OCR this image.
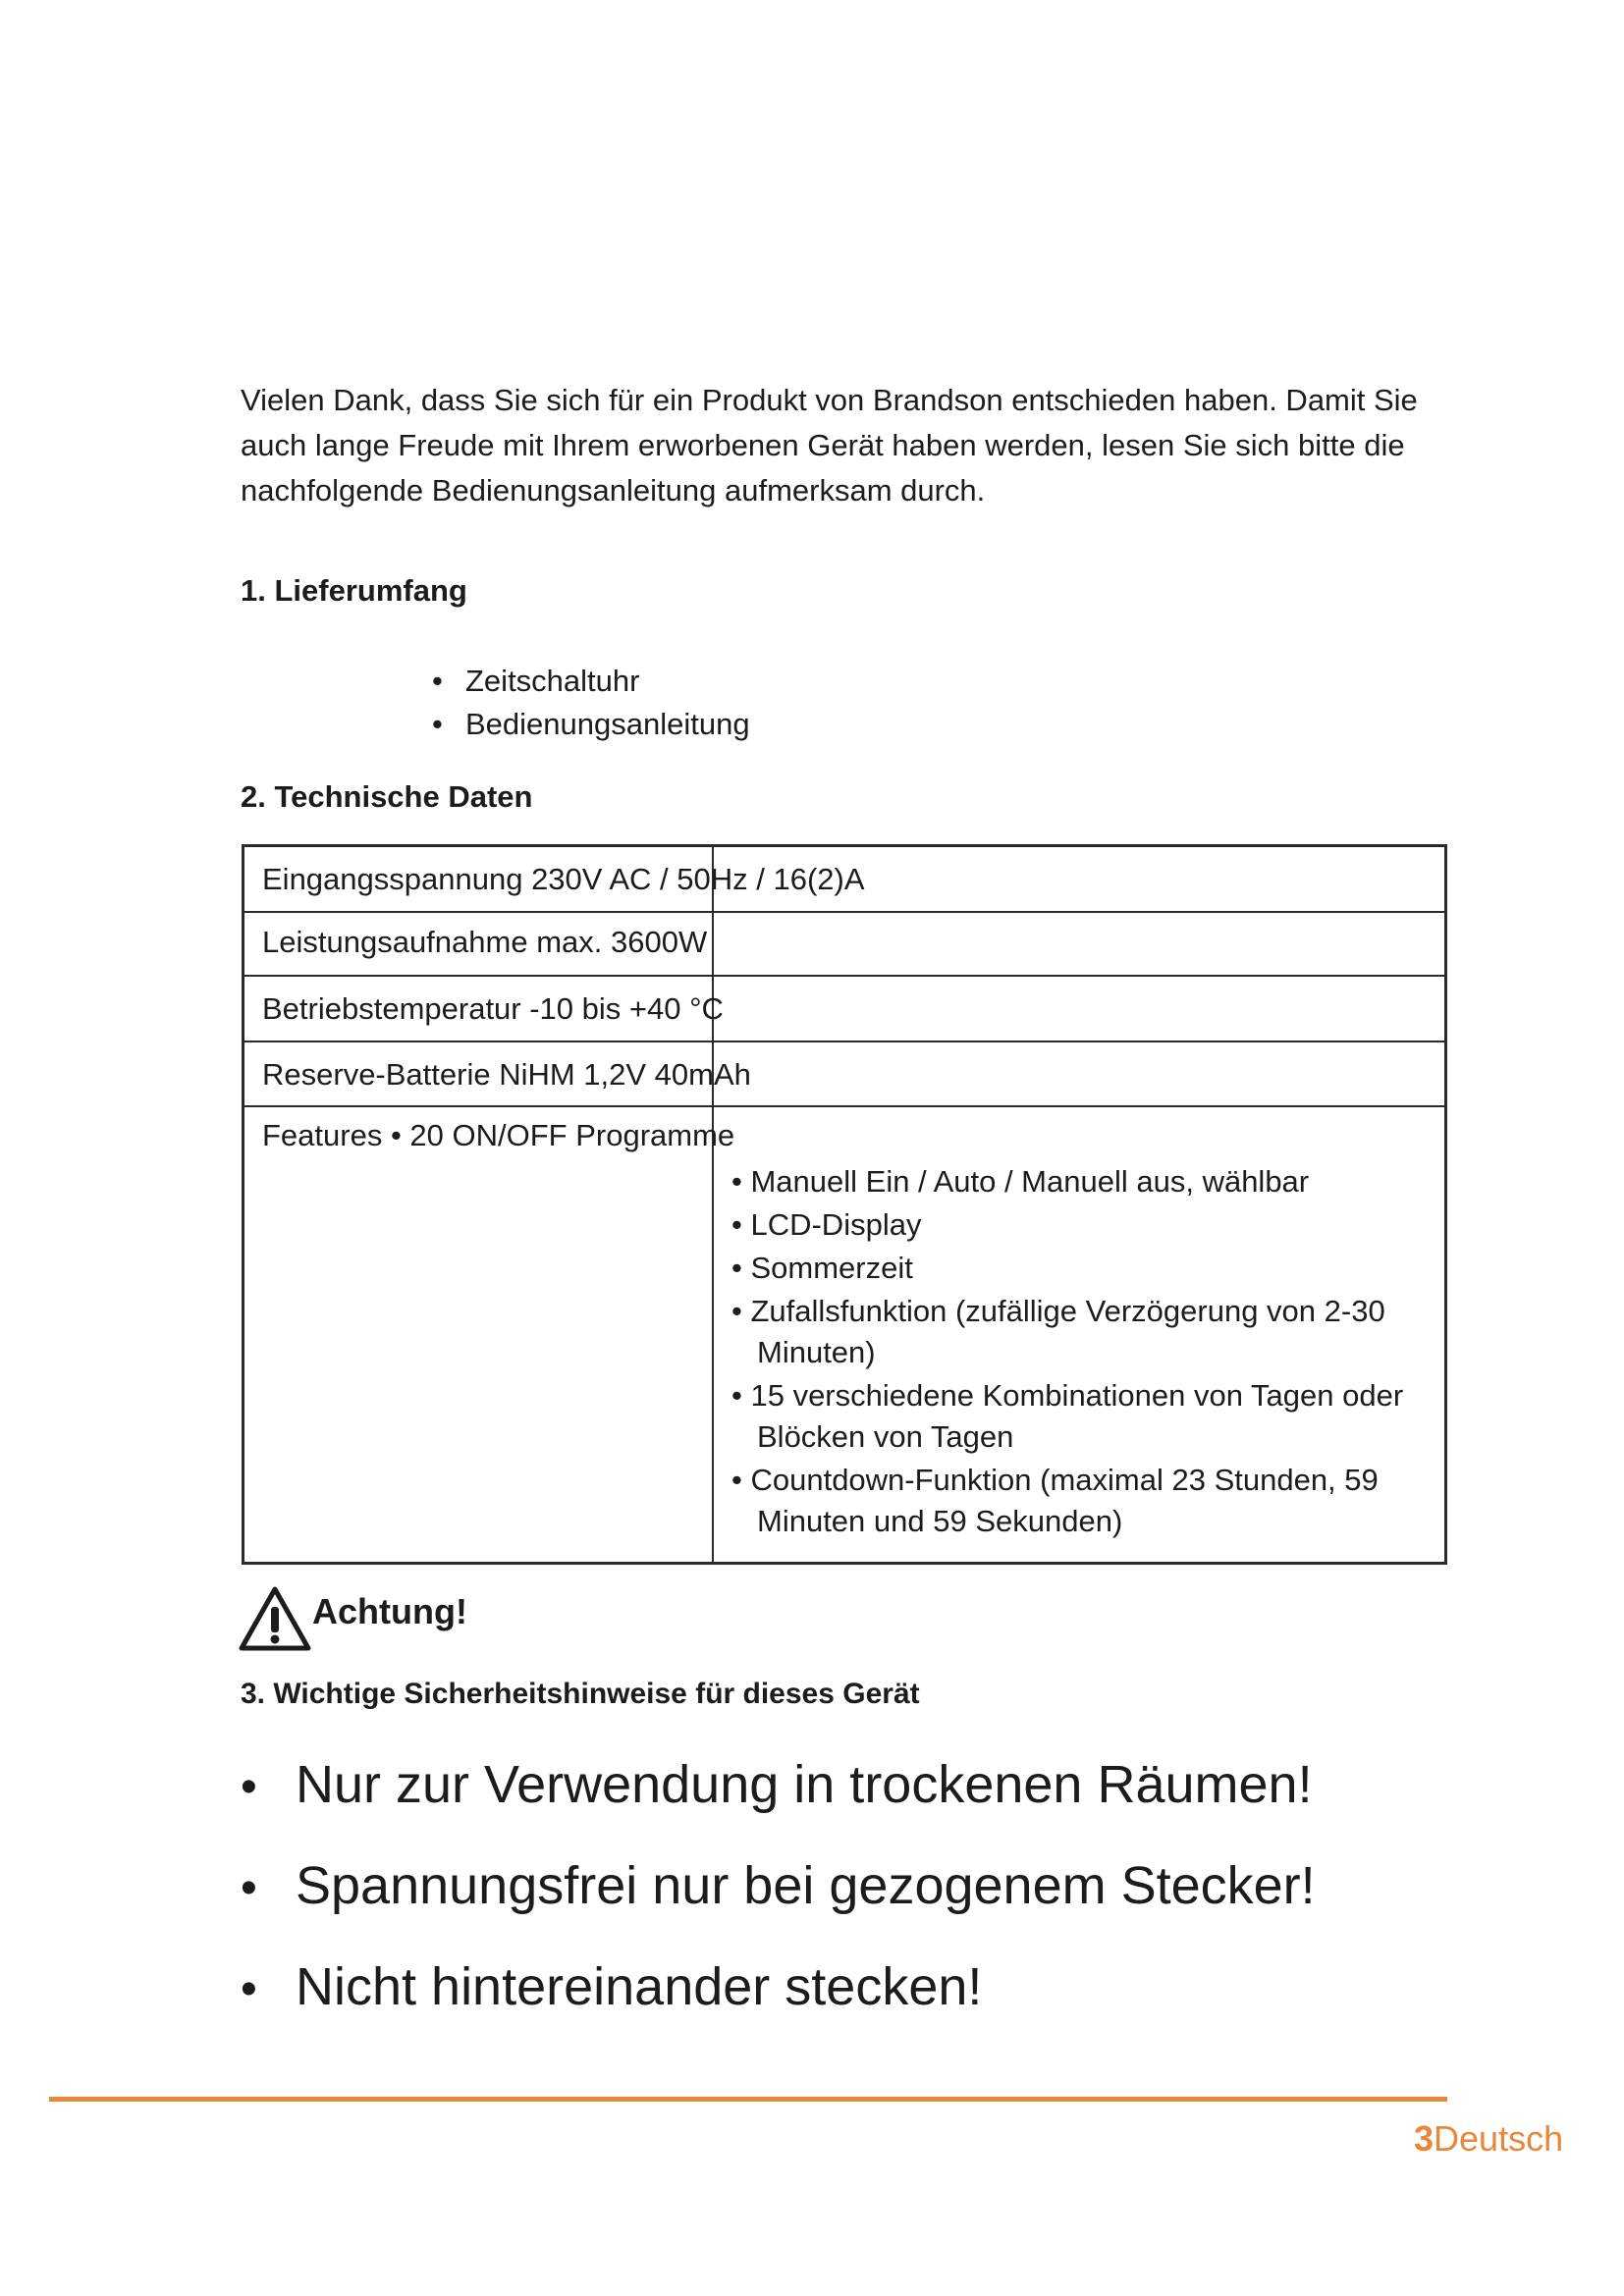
Vielen Dank, dass Sie sich für ein Produkt von Brandson entschieden haben. Damit Sie auch lange Freude mit Ihrem erworbenen Gerät haben werden, lesen Sie sich bitte die nachfolgende Bedienungsanleitung aufmerksam durch.

1. Lieferumfang
• Zeitschaltuhr
• Bedienungsanleitung
2. Technische Daten
Eingangsspannung 230V AC / 50Hz / 16(2)A
Leistungsaufnahme max. 3600W
Betriebstemperatur -10 bis +40 °C
Reserve-Batterie NiHM 1,2V 40mAh
Features • 20 ON/OFF Programme
• Manuell Ein / Auto / Manuell aus, wählbar
• LCD-Display
• Sommerzeit
• Zufallsfunktion (zufällige Verzögerung von 2-30 Minuten)
• 15 verschiedene Kombinationen von Tagen oder Blöcken von Tagen
• Countdown-Funktion (maximal 23 Stunden, 59 Minuten und 59 Sekunden)
Achtung!
3. Wichtige Sicherheitshinweise für dieses Gerät
• Nur zur Verwendung in trockenen Räumen!
• Spannungsfrei nur bei gezogenem Stecker!
• Nicht hintereinander stecken!
3Deutsch
